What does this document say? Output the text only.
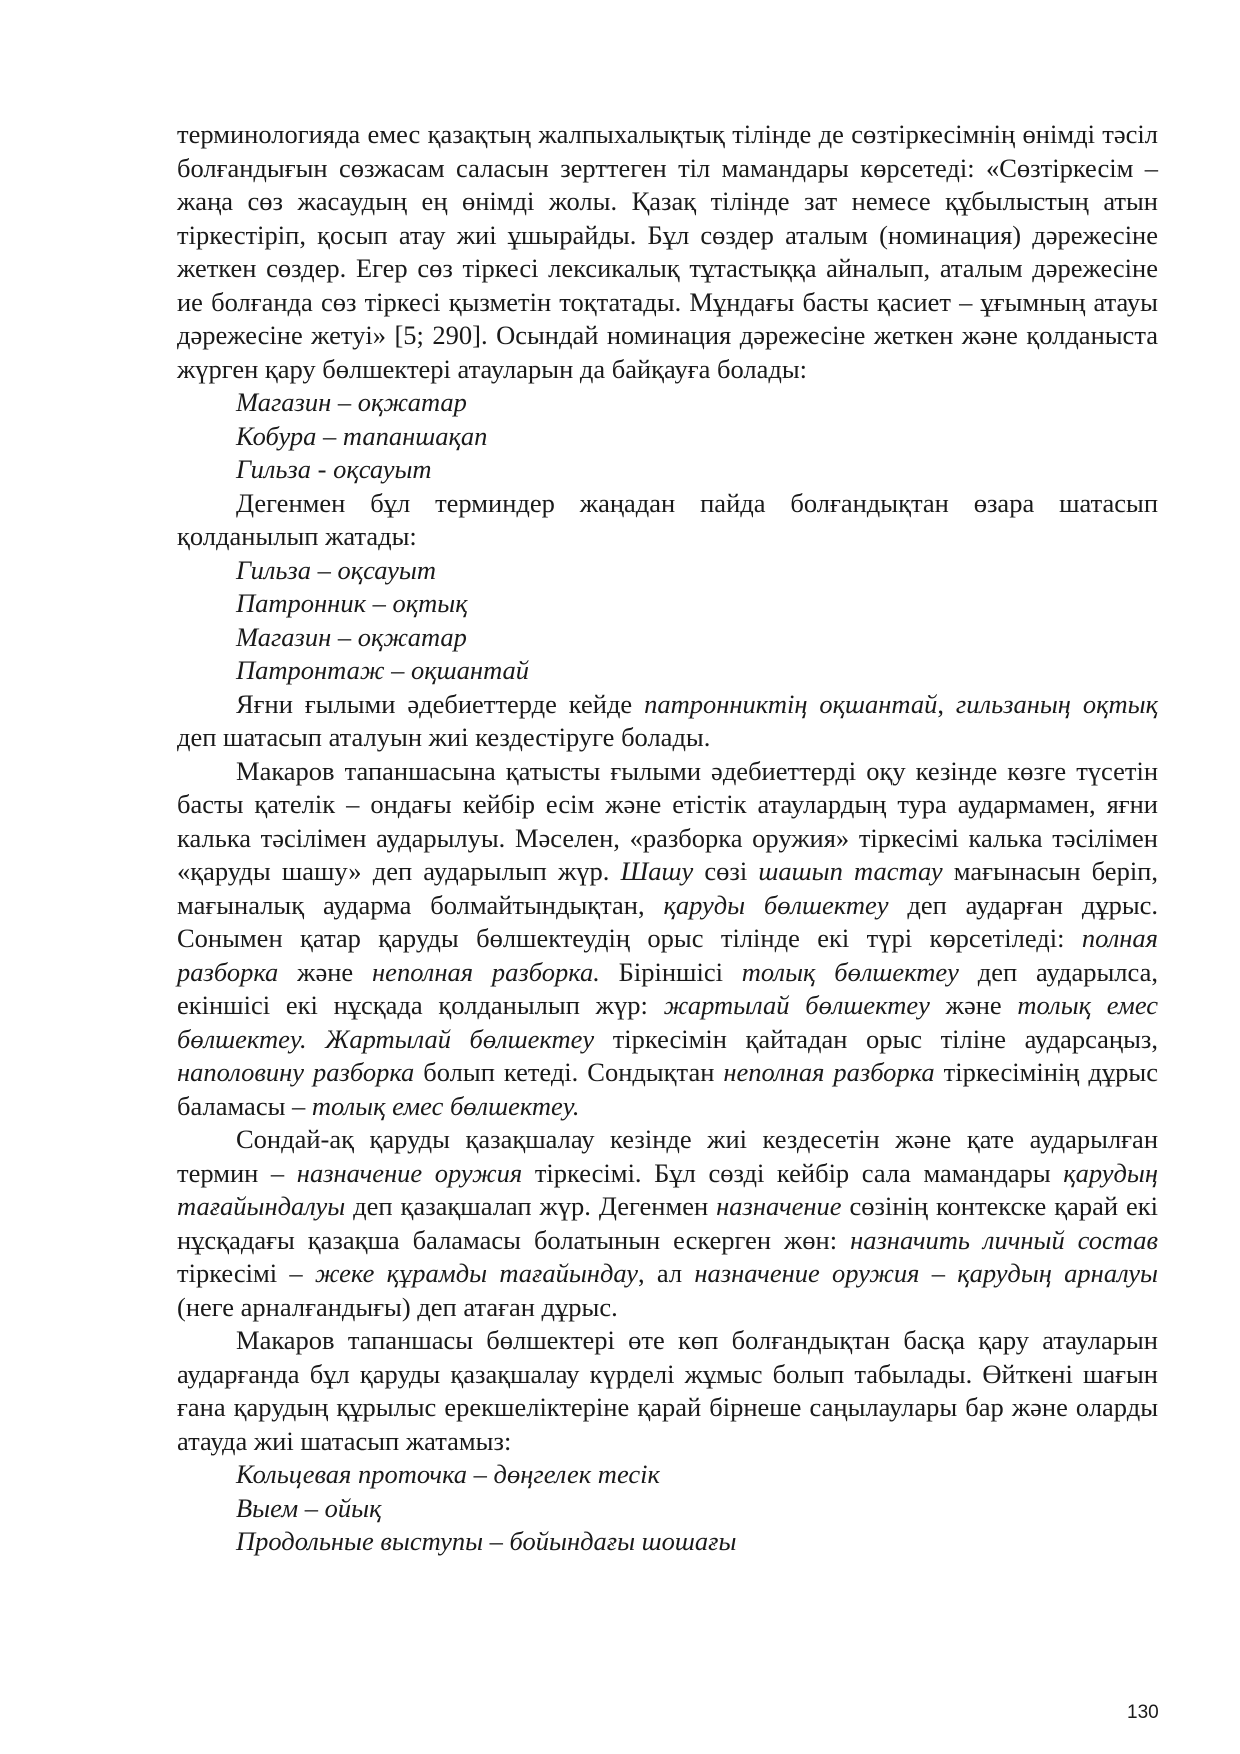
терминологияда емес қазақтың жалпыхалықтық тілінде де сөзтіркесімнің өнімді тәсіл болғандығын сөзжасам саласын зерттеген тіл мамандары көрсетеді: «Сөзтіркесім – жаңа сөз жасаудың ең өнімді жолы. Қазақ тілінде зат немесе құбылыстың атын тіркестіріп, қосып атау жиі ұшырайды. Бұл сөздер аталым (номинация) дәрежесіне жеткен сөздер. Егер сөз тіркесі лексикалық тұтастыққа айналып, аталым дәрежесіне ие болғанда сөз тіркесі қызметін тоқтатады. Мұндағы басты қасиет – ұғымның атауы дәрежесіне жетуі» [5; 290]. Осындай номинация дәрежесіне жеткен және қолданыста жүрген қару бөлшектері атауларын да байқауға болады:

Магазин – оқжатар

Кобура – тапаншақап

Гильза - оқсауыт

Дегенмен бұл терминдер жаңадан пайда болғандықтан өзара шатасып қолданылып жатады:

Гильза – оқсауыт

Патронник – оқтық

Магазин – оқжатар

Патронтаж – оқшантай

Яғни ғылыми әдебиеттерде кейде патронниктің оқшантай, гильзаның оқтық деп шатасып аталуын жиі кездестіруге болады.

Макаров тапаншасына қатысты ғылыми әдебиеттерді оқу кезінде көзге түсетін басты қателік – ондағы кейбір есім және етістік атаулардың тура аудармамен, яғни калька тәсілімен аударылуы. Мәселен, «разборка оружия» тіркесімі калька тәсілімен «қаруды шашу» деп аударылып жүр. Шашу сөзі шашып тастау мағынасын беріп, мағыналық аударма болмайтындықтан, қаруды бөлшектеу деп аударған дұрыс. Сонымен қатар қаруды бөлшектеудің орыс тілінде екі түрі көрсетіледі: полная разборка және неполная разборка. Біріншісі толық бөлшектеу деп аударылса, екіншісі екі нұсқада қолданылып жүр: жартылай бөлшектеу және толық емес бөлшектеу. Жартылай бөлшектеу тіркесімін қайтадан орыс тіліне аударсаңыз, наполовину разборка болып кетеді. Сондықтан неполная разборка тіркесімінің дұрыс баламасы – толық емес бөлшектеу.

Сондай-ақ қаруды қазақшалау кезінде жиі кездесетін және қате аударылған термин – назначение оружия тіркесімі. Бұл сөзді кейбір сала мамандары қарудың тағайындалуы деп қазақшалап жүр. Дегенмен назначение сөзінің контекске қарай екі нұсқадағы қазақша баламасы болатынын ескерген жөн: назначить личный состав тіркесімі – жеке құрамды тағайындау, ал назначение оружия – қарудың арналуы (неге арналғандығы) деп атаған дұрыс.

Макаров тапаншасы бөлшектері өте көп болғандықтан басқа қару атауларын аударғанда бұл қаруды қазақшалау күрделі жұмыс болып табылады. Өйткені шағын ғана қарудың құрылыс ерекшеліктеріне қарай бірнеше саңылаулары бар және оларды атауда жиі шатасып жатамыз:

Кольцевая проточка – дөңгелек тесік

Выем – ойық

Продольные выступы – бойындағы шошағы

130
